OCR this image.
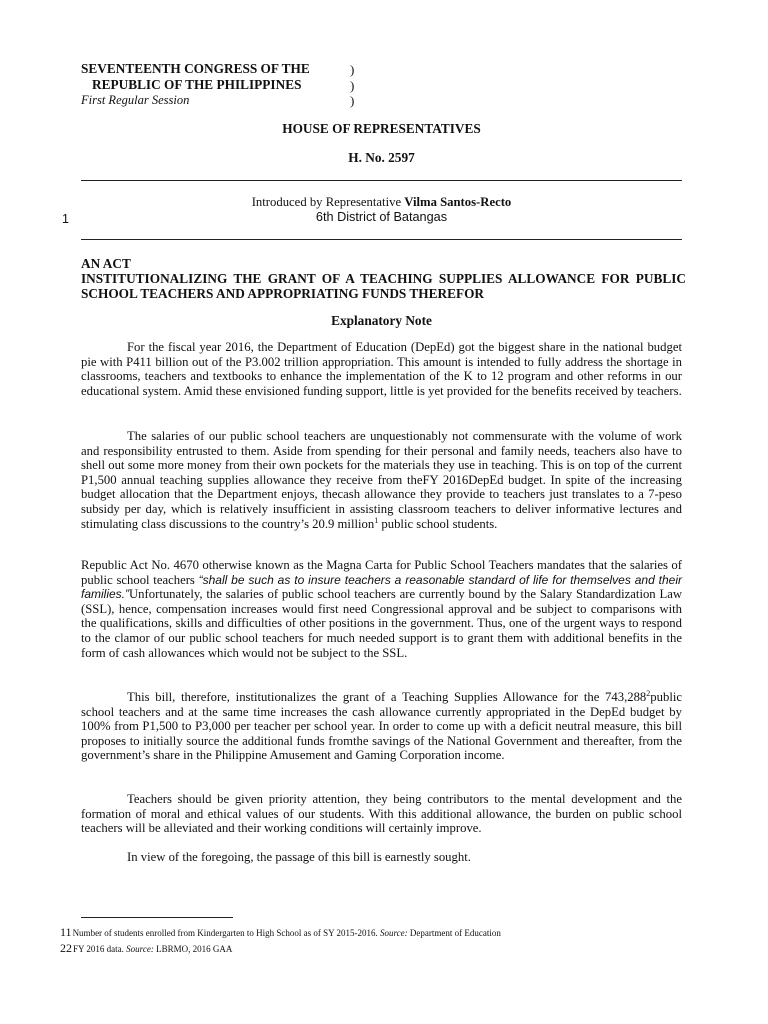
SEVENTEENTH CONGRESS OF THE	)
REPUBLIC OF THE PHILIPPINES	)
First Regular Session	)
HOUSE OF REPRESENTATIVES
H. No. 2597
Introduced by Representative Vilma Santos-Recto
1	6th District of Batangas
AN ACT
INSTITUTIONALIZING THE GRANT OF A TEACHING SUPPLIES ALLOWANCE FOR PUBLIC SCHOOL TEACHERS AND APPROPRIATING FUNDS THEREFOR
Explanatory Note
For the fiscal year 2016, the Department of Education (DepEd) got the biggest share in the national budget pie with P411 billion out of the P3.002 trillion appropriation. This amount is intended to fully address the shortage in classrooms, teachers and textbooks to enhance the implementation of the K to 12 program and other reforms in our educational system. Amid these envisioned funding support, little is yet provided for the benefits received by teachers.
The salaries of our public school teachers are unquestionably not commensurate with the volume of work and responsibility entrusted to them. Aside from spending for their personal and family needs, teachers also have to shell out some more money from their own pockets for the materials they use in teaching. This is on top of the current P1,500 annual teaching supplies allowance they receive from theFY 2016DepEd budget. In spite of the increasing budget allocation that the Department enjoys, thecash allowance they provide to teachers just translates to a 7-peso subsidy per day, which is relatively insufficient in assisting classroom teachers to deliver informative lectures and stimulating class discussions to the country’s 20.9 million$^1$ public school students.
Republic Act No. 4670 otherwise known as the Magna Carta for Public School Teachers mandates that the salaries of public school teachers “shall be such as to insure teachers a reasonable standard of life for themselves and their families.”Unfortunately, the salaries of public school teachers are currently bound by the Salary Standardization Law (SSL), hence, compensation increases would first need Congressional approval and be subject to comparisons with the qualifications, skills and difficulties of other positions in the government. Thus, one of the urgent ways to respond to the clamor of our public school teachers for much needed support is to grant them with additional benefits in the form of cash allowances which would not be subject to the SSL.
This bill, therefore, institutionalizes the grant of a Teaching Supplies Allowance for the 743,288$^2$public school teachers and at the same time increases the cash allowance currently appropriated in the DepEd budget by 100% from P1,500 to P3,000 per teacher per school year. In order to come up with a deficit neutral measure, this bill proposes to initially source the additional funds fromthe savings of the National Government and thereafter, from the government’s share in the Philippine Amusement and Gaming Corporation income.
Teachers should be given priority attention, they being contributors to the mental development and the formation of moral and ethical values of our students. With this additional allowance, the burden on public school teachers will be alleviated and their working conditions will certainly improve.
In view of the foregoing, the passage of this bill is earnestly sought.
11Number of students enrolled from Kindergarten to High School as of SY 2015-2016. Source: Department of Education
22FY 2016 data. Source: LBRMO, 2016 GAA
